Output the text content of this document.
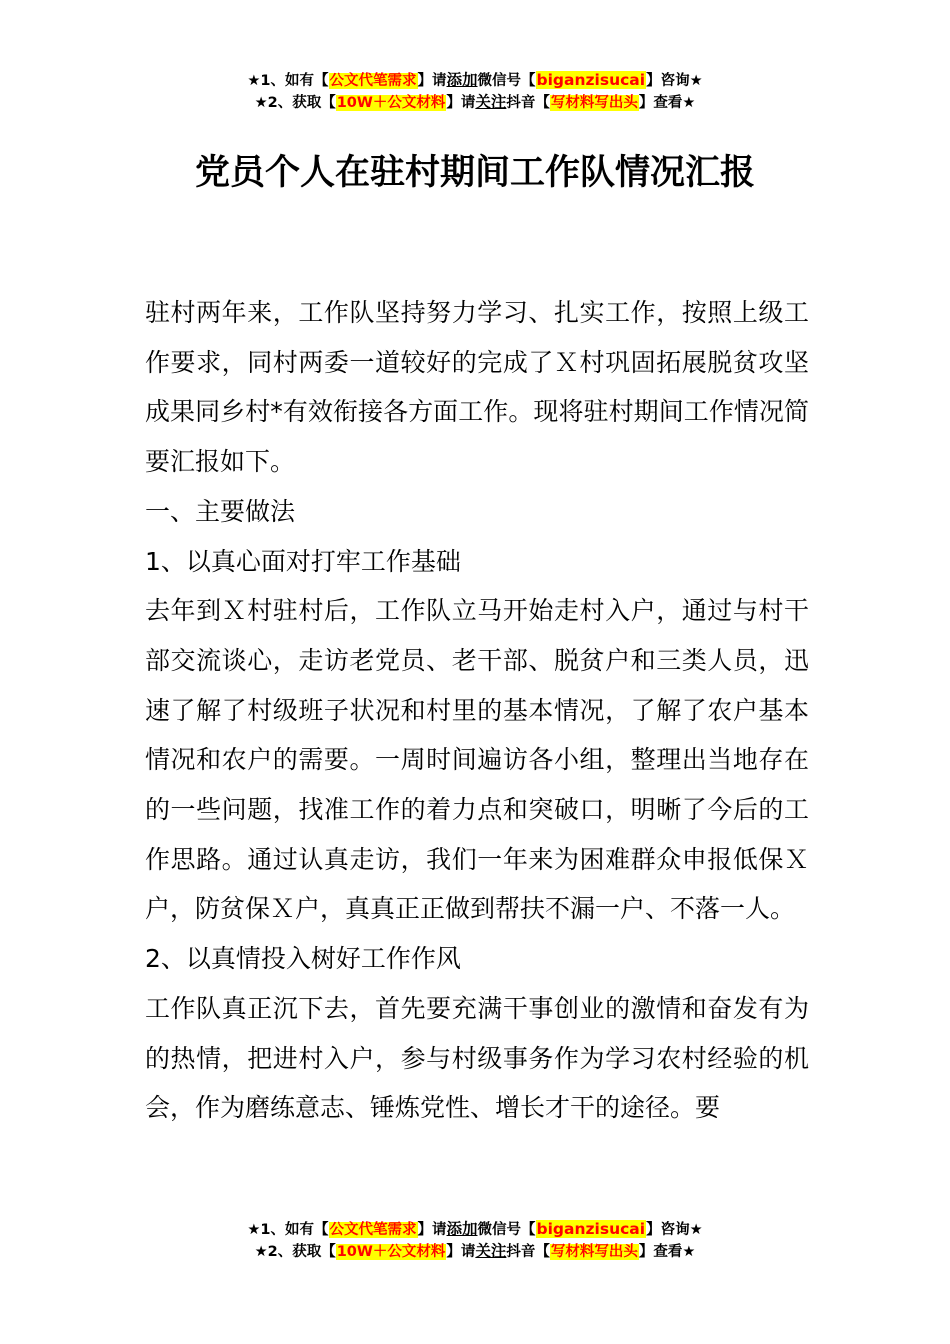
★1、如有【公文代笔需求】请添加微信号【biganzisucai】咨询★
★2、获取【10W＋公文材料】请关注抖音【写材料写出头】查看★
党员个人在驻村期间工作队情况汇报

驻村两年来，工作队坚持努力学习、扎实工作，按照上级工作要求，同村两委一道较好的完成了Ｘ村巩固拓展脱贫攻坚成果同乡村*有效衔接各方面工作。现将驻村期间工作情况简要汇报如下。

一、主要做法

1、以真心面对打牢工作基础

去年到Ｘ村驻村后，工作队立马开始走村入户，通过与村干部交流谈心，走访老党员、老干部、脱贫户和三类人员，迅速了解了村级班子状况和村里的基本情况，了解了农户基本情况和农户的需要。一周时间遍访各小组，整理出当地存在的一些问题，找准工作的着力点和突破口，明晰了今后的工作思路。通过认真走访，我们一年来为困难群众申报低保Ｘ户，防贫保Ｘ户，真真正正做到帮扶不漏一户、不落一人。

2、以真情投入树好工作作风

工作队真正沉下去，首先要充满干事创业的激情和奋发有为的热情，把进村入户，参与村级事务作为学习农村经验的机会，作为磨练意志、锤炼党性、增长才干的途径。要

★1、如有【公文代笔需求】请添加微信号【biganzisucai】咨询★
★2、获取【10W＋公文材料】请关注抖音【写材料写出头】查看★
